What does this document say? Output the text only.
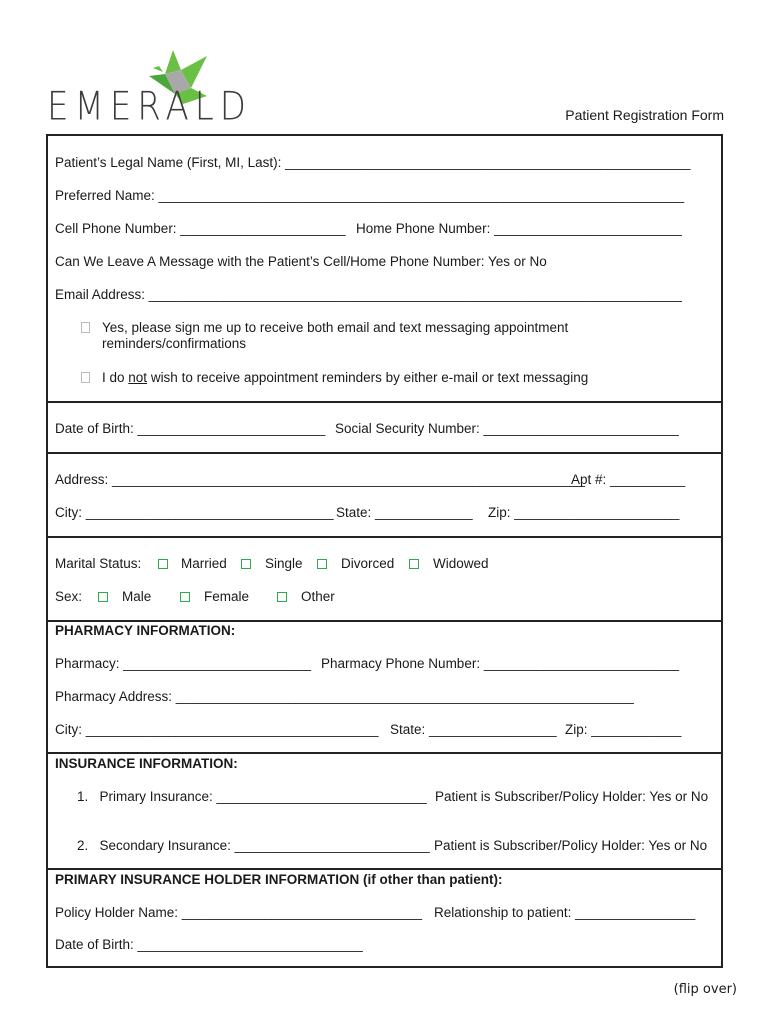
EMERALD	Patient Registration Form
Patient’s Legal Name (First, MI, Last): ______________________________________________________
Preferred Name: ______________________________________________________________________
Cell Phone Number: ______________________ Home Phone Number: _________________________
Can We Leave A Message with the Patient’s Cell/Home Phone Number: Yes or No
Email Address: _______________________________________________________________________
Yes, please sign me up to receive both email and text messaging appointment
reminders/confirmations
I do not wish to receive appointment reminders by either e-mail or text messaging
Date of Birth: _________________________ Social Security Number: __________________________
Address: _______________________________________________________________
Apt #: __________
City: _________________________________ State: _____________ Zip: ______________________
Marital Status:	Married	Single	Divorced	Widowed
Sex:	Male	Female	Other
PHARMACY INFORMATION:
Pharmacy: _________________________ Pharmacy Phone Number: __________________________
Pharmacy Address: _____________________________________________________________
City: _______________________________________ State: _________________ Zip: ____________
INSURANCE INFORMATION:
1.   Primary Insurance: ____________________________ Patient is Subscriber/Policy Holder: Yes or No
2.   Secondary Insurance: __________________________ Patient is Subscriber/Policy Holder: Yes or No
PRIMARY INSURANCE HOLDER INFORMATION (if other than patient):
Policy Holder Name: ________________________________ Relationship to patient: ________________
Date of Birth: ______________________________
(flip over)
